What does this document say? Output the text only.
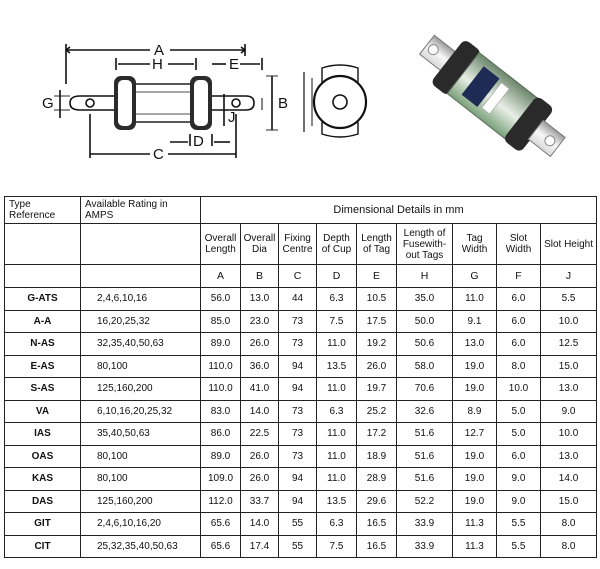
A
H	E
G	B
J
D
C
Type Reference	Available Rating in AMPS	Dimensional Details in mm								
		Overall Length	Overall Dia	Fixing Centre	Depth of Cup	Length of Tag	Length of Fusewith- out Tags	Tag Width	Slot Width	Slot Height
		A	B	C	D	E	H	G	F	J
G-ATS	2,4,6,10,16	56.0	13.0	44	6.3	10.5	35.0	11.0	6.0	5.5
A-A	16,20,25,32	85.0	23.0	73	7.5	17.5	50.0	9.1	6.0	10.0
N-AS	32,35,40,50,63	89.0	26.0	73	11.0	19.2	50.6	13.0	6.0	12.5
E-AS	80,100	110.0	36.0	94	13.5	26.0	58.0	19.0	8.0	15.0
S-AS	125,160,200	110.0	41.0	94	11.0	19.7	70.6	19.0	10.0	13.0
VA	6,10,16,20,25,32	83.0	14.0	73	6.3	25.2	32.6	8.9	5.0	9.0
IAS	35,40,50,63	86.0	22.5	73	11.0	17.2	51.6	12.7	5.0	10.0
OAS	80,100	89.0	26.0	73	11.0	18.9	51.6	19.0	6.0	13.0
KAS	80,100	109.0	26.0	94	11.0	28.9	51.6	19.0	9.0	14.0
DAS	125,160,200	112.0	33.7	94	13.5	29.6	52.2	19.0	9.0	15.0
GIT	2,4,6,10,16,20	65.6	14.0	55	6.3	16.5	33.9	11.3	5.5	8.0
CIT	25,32,35,40,50,63	65.6	17.4	55	7.5	16.5	33.9	11.3	5.5	8.0
